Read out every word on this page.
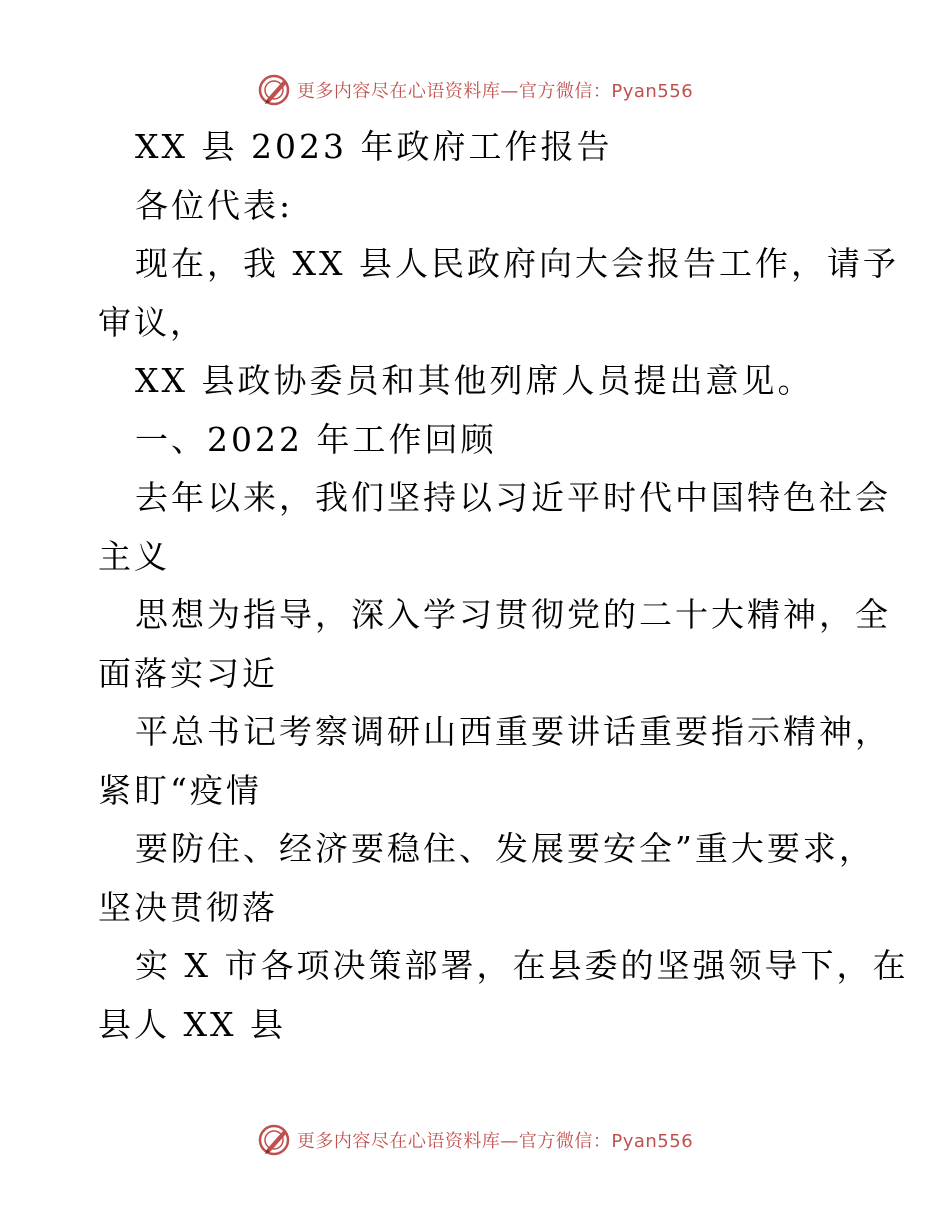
更多内容尽在心语资料库—官方微信：Pyan556
XX 县 2023 年政府工作报告
各位代表:
现在，我 XX 县人民政府向大会报告工作，请予
审议，
XX 县政协委员和其他列席人员提出意见。
一、2022 年工作回顾
去年以来，我们坚持以习近平时代中国特色社会
主义
思想为指导，深入学习贯彻党的二十大精神，全
面落实习近
平总书记考察调研山西重要讲话重要指示精神，
紧盯“疫情
要防住、经济要稳住、发展要安全”重大要求，
坚决贯彻落
实 X 市各项决策部署，在县委的坚强领导下，在
县人 XX 县
更多内容尽在心语资料库—官方微信：Pyan556
